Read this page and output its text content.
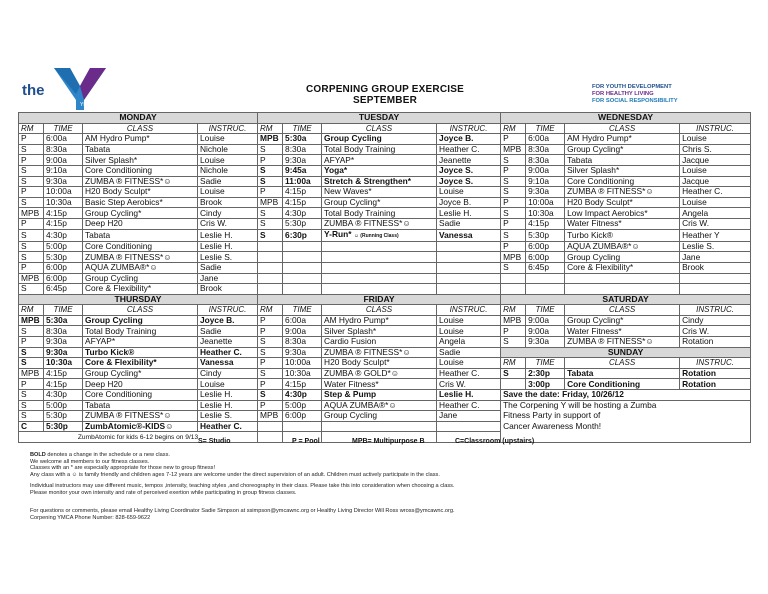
the
YMCA
CORPENING GROUP EXERCISE
SEPTEMBER
FOR YOUTH DEVELOPMENT
FOR HEALTHY LIVING
FOR SOCIAL RESPONSIBILITY
MONDAY				TUESDAY				WEDNESDAY			
RM	TIME	CLASS	INSTRUC.	RM	TIME	CLASS	INSTRUC.	RM	TIME	CLASS	INSTRUC.
P	6:00a	AM Hydro Pump*	Louise	MPB	5:30a	Group Cycling	Joyce B.	P	6:00a	AM Hydro Pump*	Louise
S	8:30a	Tabata	Nichole	S	8:30a	Total Body Training	Heather C.	MPB	8:30a	Group Cycling*	Chris S.
P	9:00a	Silver Splash*	Louise	P	9:30a	AFYAP*	Jeanette	S	8:30a	Tabata	Jacque
S	9:10a	Core Conditioning	Nichole	S	9:45a	Yoga*	Joyce S.	P	9:00a	Silver Splash*	Louise
S	9:30a	ZUMBA ® FITNESS*☺	Sadie	S	11:00a	Stretch & Strengthen*	Joyce S.	S	9:10a	Core Conditioning	Jacque
P	10:00a	H20 Body Sculpt*	Louise	P	4:15p	New Waves*	Louise	S	9:30a	ZUMBA ® FITNESS*☺	Heather C.
S	10:30a	Basic Step Aerobics*	Brook	MPB	4:15p	Group Cycling*	Joyce B.	P	10:00a	H20 Body Sculpt*	Louise
MPB	4:15p	Group Cycling*	Cindy	S	4:30p	Total Body Training	Leslie H.	S	10:30a	Low Impact Aerobics*	Angela
P	4:15p	Deep H20	Cris W.	S	5:30p	ZUMBA ® FITNESS*☺	Sadie	P	4:15p	Water Fitness*	Cris W.
S	4:30p	Tabata	Leslie H.	S	6:30p	Y-Run* ☺ (Running Class)	Vanessa	S	5:30p	Turbo Kick®	Heather Y
S	5:00p	Core Conditioning	Leslie H.					P	6:00p	AQUA ZUMBA®*☺	Leslie S.
S	5:30p	ZUMBA ® FITNESS*☺	Leslie S.					MPB	6:00p	Group Cycling	Jane
P	6:00p	AQUA ZUMBA®*☺	Sadie					S	6:45p	Core & Flexibility*	Brook
MPB	6:00p	Group Cycling	Jane								
S	6:45p	Core & Flexibility*	Brook								
THURSDAY				FRIDAY				SATURDAY			
RM	TIME	CLASS	INSTRUC.	RM	TIME	CLASS	INSTRUC.	RM	TIME	CLASS	INSTRUC.
MPB	5:30a	Group Cycling	Joyce B.	P	6:00a	AM Hydro Pump*	Louise	MPB	9:00a	Group Cycling*	Cindy
S	8:30a	Total Body Training	Sadie	P	9:00a	Silver Splash*	Louise	P	9:00a	Water Fitness*	Cris W.
P	9:30a	AFYAP*	Jeanette	S	8:30a	Cardio Fusion	Angela	S	9:30a	ZUMBA ® FITNESS*☺	Rotation
S	9:30a	Turbo Kick®	Heather C.	S	9:30a	ZUMBA ® FITNESS*☺	Sadie	SUNDAY			
S	10:30a	Core & Flexibility*	Vanessa	P	10:00a	H20 Body Sculpt*	Louise	RM	TIME	CLASS	INSTRUC.
MPB	4:15p	Group Cycling*	Cindy	S	10:30a	ZUMBA ® GOLD*☺	Heather C.	S	2:30p	Tabata	Rotation
P	4:15p	Deep H20	Louise	P	4:15p	Water Fitness*	Cris W.		3:00p	Core Conditioning	Rotation
S	4:30p	Core Conditioning	Leslie H.	S	4:30p	Step & Pump	Leslie H.	Save the date: Friday, 10/26/12			
S	5:00p	Tabata	Leslie H.	P	5:00p	AQUA ZUMBA®*☺	Heather C.	The Corpening Y will be hosting a Zumba			
S	5:30p	ZUMBA ® FITNESS*☺	Leslie S.	MPB	6:00p	Group Cycling	Jane	Fitness Party in support of			
C	5:30p	ZumbAtomic®-KIDS☺	Heather C.					Cancer Awareness Month!			
ZumbAtomic for kids 6-12 begins on 9/13											
S= Studio	P = Pool	MPB= Multipurpose B	C=Classroom (upstairs)
BOLD denotes a change in the schedule or a new class.
We welcome all members to our fitness classes.
Classes with an * are especially appropriate for those new to group fitness!
Any class with a ☺ is family friendly and children ages 7-12 years are welcome under the direct supervision of an adult. Children must actively participate in the class.
Individual instructors may use different music, tempos ,intensity, teaching styles ,and choreography in their class. Please take this into consideration when choosing a class.
Please monitor your own intensity and rate of perceived exertion while participating in group fitness classes.
For questions or comments, please email Healthy Living Coordinator Sadie Simpson at ssimpson@ymcawnc.org or Healthy Living Director Will Ross wross@ymcawnc.org.
Corpening YMCA Phone Number: 828-659-9622
